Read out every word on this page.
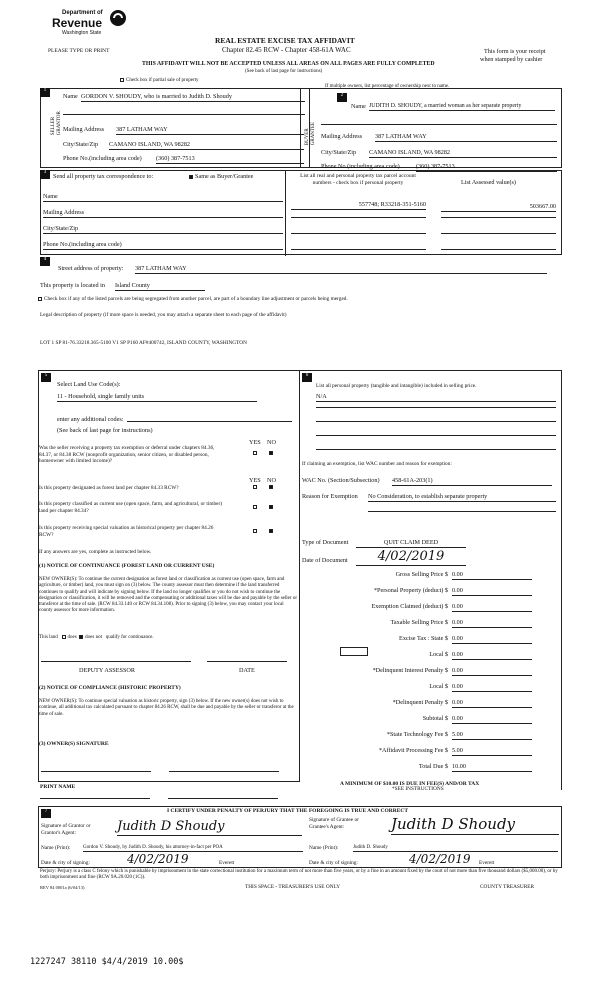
Department of
Revenue
Washington State
PLEASE TYPE OR PRINT
REAL ESTATE EXCISE TAX AFFIDAVIT
Chapter 82.45 RCW - Chapter 458-61A WAC	This form is your receipt
when stamped by cashier
THIS AFFIDAVIT WILL NOT BE ACCEPTED UNLESS ALL AREAS ON ALL PAGES ARE FULLY COMPLETED
(See back of last page for instructions)
Check box if partial sale of property
If multiple owners, list percentage of ownership next to name.
1
SELLER GRANTOR
Name GORDON V. SHOUDY, who is married to Judith D. Shoudy
Mailing Address 387 LATHAM WAY
City/State/Zip CAMANO ISLAND, WA 98282
Phone No.(including area code) (360) 387-7513
2
BUYER GRANTEE
Name JUDITH D. SHOUDY, a married woman as her separate property
Mailing Address 387 LATHAM WAY
City/State/Zip CAMANO ISLAND, WA 98282
Phone No.(including area code)	(360) 387-7513
3
Send all property tax correspondence to:	Same as Buyer/Grantee
Name
Mailing Address
City/State/Zip
Phone No.(including area code)
List all real and personal property tax parcel account numbers - check box if personal property	List Assessed value(s)
557748; R33218-351-5160	503667.00
4
Street address of property: 387 LATHAM WAY
This property is located in Island County
Check box if any of the listed parcels are being segregated from another parcel, are part of a boundary line adjustment or parcels being merged.
Legal description of property (if more space is needed, you may attach a separate sheet to each page of the affidavit)
LOT 1 SP 81-76.33218.365-5100 V1 SP P160 AF#400742, ISLAND COUNTY, WASHINGTON
5
Select Land Use Code(s):
11 - Household, single family units
enter any additional codes:
(See back of last page for instructions)
YES NO
Was the seller receiving a property tax exemption or deferral under chapters 84.36, 84.37, or 84.38 RCW (nonprofit organization, senior citizen, or disabled person, homeowner with limited income)?
YES NO
Is this property designated as forest land per chapter 84.33 RCW?
Is this property classified as current use (open space, farm, and agricultural, or timber) land per chapter 84.34?
Is this property receiving special valuation as historical property per chapter 84.26 RCW?
If any answers are yes, complete as instructed below.
(1) NOTICE OF CONTINUANCE (FOREST LAND OR CURRENT USE)
NEW OWNER(S): To continue the current designation as forest land or classification as current use (open space, farm and agriculture, or timber) land, you must sign on (3) below. The county assessor must then determine if the land transferred continues to qualify and will indicate by signing below. If the land no longer qualifies or you do not wish to continue the designation or classification, it will be removed and the compensating or additional taxes will be due and payable by the seller or transferor at the time of sale. (RCW 84.33.140 or RCW 84.34.108). Prior to signing (3) below, you may contact your local county assessor for more information.
This land does does not qualify for continuance.
DEPUTY ASSESSOR	DATE
(2) NOTICE OF COMPLIANCE (HISTORIC PROPERTY)
NEW OWNER(S): To continue special valuation as historic property, sign (3) below. If the new owner(s) does not wish to continue, all additional tax calculated pursuant to chapter 84.26 RCW, shall be due and payable by the seller or transferor at the time of sale.
(3) OWNER(S) SIGNATURE
PRINT NAME
6
List all personal property (tangible and intangible) included in selling price.
N/A
If claiming an exemption, list WAC number and reason for exemption:
WAC No. (Section/Subsection) 458-61A-203(1)
Reason for Exemption No Consideration, to establish separate property
Type of Document	QUIT CLAIM DEED
Date of Document	4/02/2019
Gross Selling Price $ 0.00
*Personal Property (deduct) $ 0.00
Exemption Claimed (deduct) $ 0.00
Taxable Selling Price $ 0.00
Excise Tax : State $ 0.00
Local $ 0.00
*Delinquent Interest Penalty $ 0.00
Local $ 0.00
*Delinquent Penalty $ 0.00
Subtotal $ 0.00
*State Technology Fee $ 5.00
*Affidavit Processing Fee $ 5.00
Total Due $ 10.00
A MINIMUM OF $10.00 IS DUE IN FEE(S) AND/OR TAX
*SEE INSTRUCTIONS
7	I CERTIFY UNDER PENALTY OF PERJURY THAT THE FOREGOING IS TRUE AND CORRECT
Signature of Grantor or Grantor's Agent:	Judith D Shoudy
Name (Print):	Gordon V. Shoudy, by Judith D. Shoudy, his attorney-in-fact per POA
Date & city of signing:	4/02/2019	Everett
Signature of Grantee or Grantee's Agent:	Judith D Shoudy
Name (Print):	Judith D. Shoudy
Date & city of signing:	4/02/2019 Everett
Perjury: Perjury is a class C felony which is punishable by imprisonment in the state correctional institution for a maximum term of not more than five years, or by a fine in an amount fixed by the court of not more than five thousand dollars ($5,000.00), or by both imprisonment and fine (RCW 9A.20.020 (1C)).
REV 84 0001a (6/04/13)	THIS SPACE - TREASURER'S USE ONLY	COUNTY TREASURER
1227247 38110 $4/4/2019 10.00$
